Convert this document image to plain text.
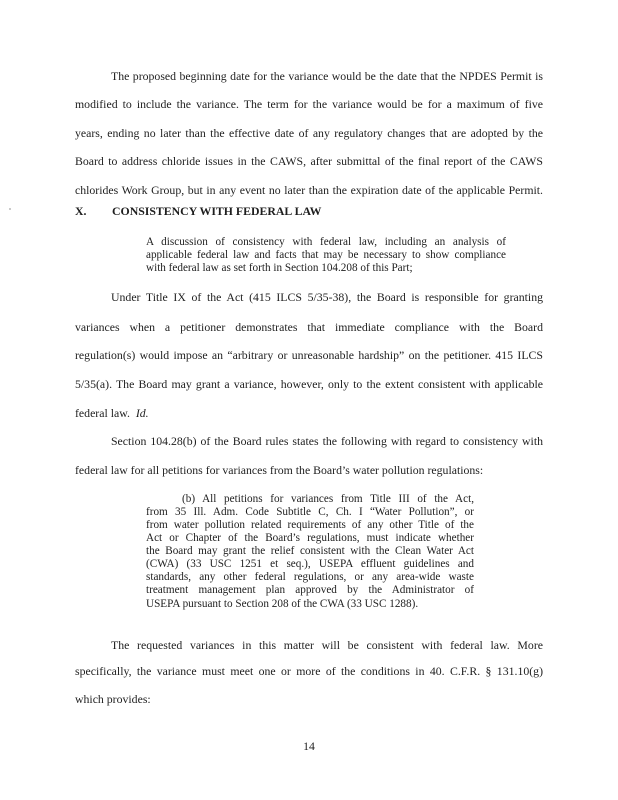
The proposed beginning date for the variance would be the date that the NPDES Permit is
modified to include the variance. The term for the variance would be for a maximum of five
years, ending no later than the effective date of any regulatory changes that are adopted by the
Board to address chloride issues in the CAWS, after submittal of the final report of the CAWS
chlorides Work Group, but in any event no later than the expiration date of the applicable Permit.
X. CONSISTENCY WITH FEDERAL LAW
A discussion of consistency with federal law, including an analysis of
applicable federal law and facts that may be necessary to show compliance
with federal law as set forth in Section 104.208 of this Part;
Under Title IX of the Act (415 ILCS 5/35-38), the Board is responsible for granting
variances when a petitioner demonstrates that immediate compliance with the Board
regulation(s) would impose an “arbitrary or unreasonable hardship” on the petitioner. 415 ILCS
5/35(a). The Board may grant a variance, however, only to the extent consistent with applicable
federal law. Id.
Section 104.28(b) of the Board rules states the following with regard to consistency with
federal law for all petitions for variances from the Board’s water pollution regulations:
(b) All petitions for variances from Title III of the Act,
from 35 Ill. Adm. Code Subtitle C, Ch. I “Water Pollution”, or
from water pollution related requirements of any other Title of the
Act or Chapter of the Board’s regulations, must indicate whether
the Board may grant the relief consistent with the Clean Water Act
(CWA) (33 USC 1251 et seq.), USEPA effluent guidelines and
standards, any other federal regulations, or any area-wide waste
treatment management plan approved by the Administrator of
USEPA pursuant to Section 208 of the CWA (33 USC 1288).
The requested variances in this matter will be consistent with federal law. More
specifically, the variance must meet one or more of the conditions in 40. C.F.R. § 131.10(g)
which provides:
14
